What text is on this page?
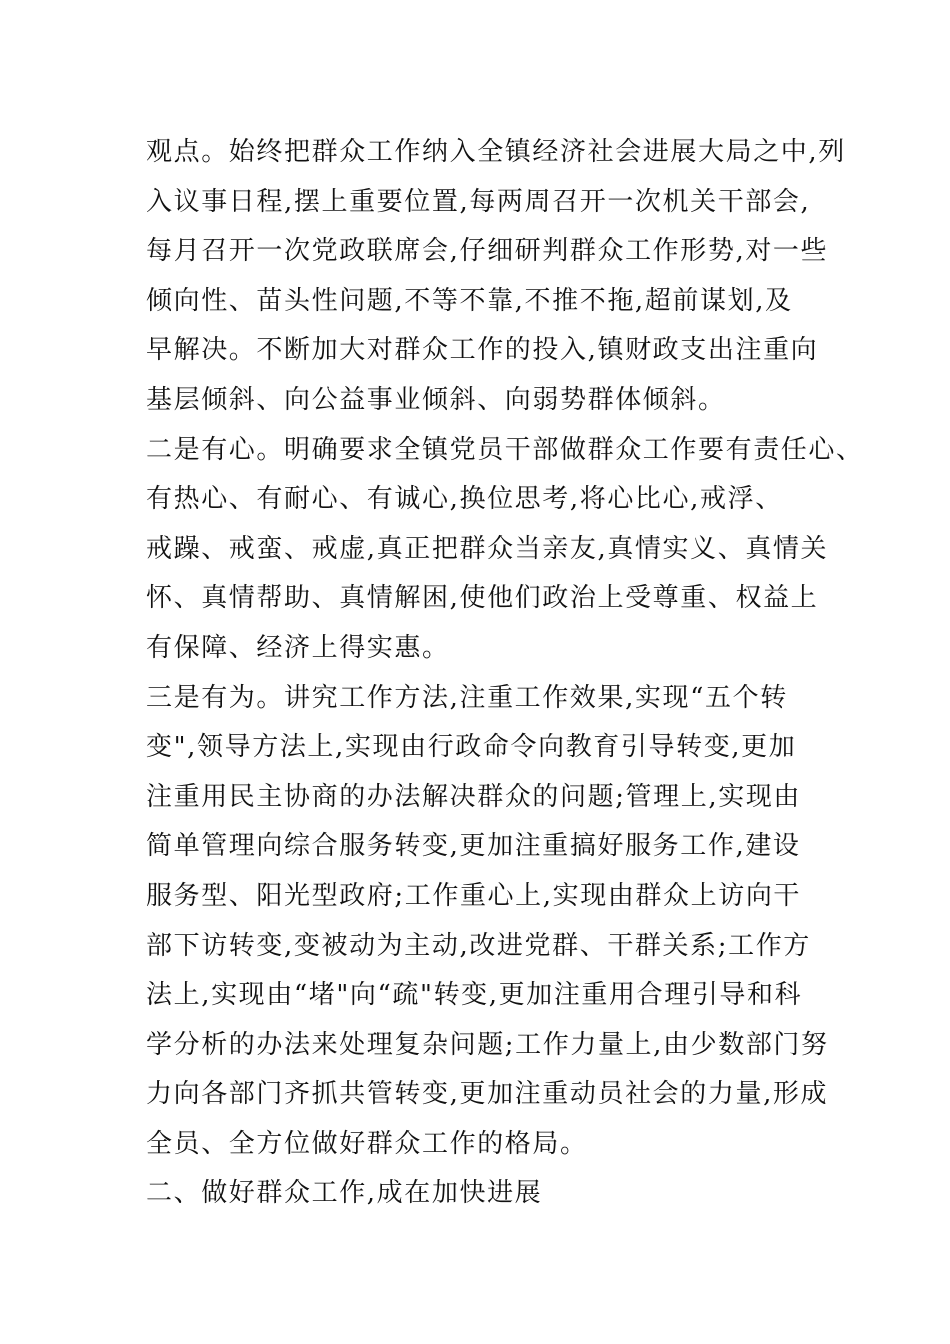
观点。始终把群众工作纳入全镇经济社会进展大局之中,列
入议事日程,摆上重要位置,每两周召开一次机关干部会,
每月召开一次党政联席会,仔细研判群众工作形势,对一些
倾向性、苗头性问题,不等不靠,不推不拖,超前谋划,及
早解决。不断加大对群众工作的投入,镇财政支出注重向
基层倾斜、向公益事业倾斜、向弱势群体倾斜。
二是有心。明确要求全镇党员干部做群众工作要有责任心、
有热心、有耐心、有诚心,换位思考,将心比心,戒浮、
戒躁、戒蛮、戒虚,真正把群众当亲友,真情实义、真情关
怀、真情帮助、真情解困,使他们政治上受尊重、权益上
有保障、经济上得实惠。
三是有为。讲究工作方法,注重工作效果,实现“五个转
变",领导方法上,实现由行政命令向教育引导转变,更加
注重用民主协商的办法解决群众的问题;管理上,实现由
简单管理向综合服务转变,更加注重搞好服务工作,建设
服务型、阳光型政府;工作重心上,实现由群众上访向干
部下访转变,变被动为主动,改进党群、干群关系;工作方
法上,实现由“堵"向“疏"转变,更加注重用合理引导和科
学分析的办法来处理复杂问题;工作力量上,由少数部门努
力向各部门齐抓共管转变,更加注重动员社会的力量,形成
全员、全方位做好群众工作的格局。
二、做好群众工作,成在加快进展
